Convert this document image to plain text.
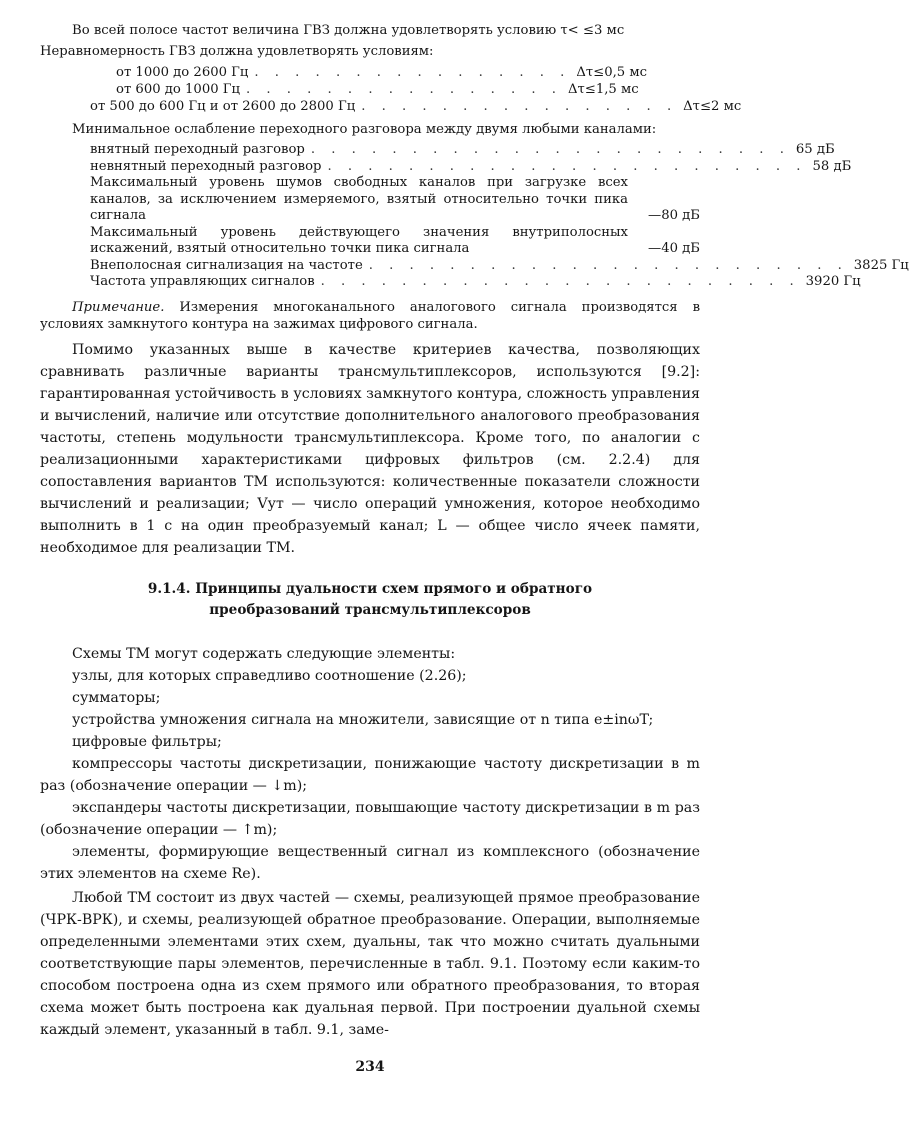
Во всей полосе частот величина ГВЗ должна удовлетворять условию τ< ≤3 мс

Неравномерность ГВЗ должна удовлетворять условиям:

от 1000 до 2600 Гц . . . . . . . . . . . . . . . . Δτ≤0,5 мс
от 600 до 1000 Гц . . . . . . . . . . . . . . . . Δτ≤1,5 мс
от 500 до 600 Гц и от 2600 до 2800 Гц . . . . . . . . . . . . . . . . Δτ≤2 мс

Минимальное ослабление переходного разговора между двумя любыми каналами:

внятный переходный разговор . . . . . . . . . . . . . . . . . . . . . . . . 65 дБ
невнятный переходный разговор . . . . . . . . . . . . . . . . . . . . . . . . 58 дБ
Максимальный уровень шумов свободных каналов при загрузке всех каналов, за исключением измеряемого, взятый относительно точки пика сигнала	—80 дБ
Максимальный уровень действующего значения внутриполосных искажений, взятый относительно точки пика сигнала	—40 дБ
Внеполосная сигнализация на частоте . . . . . . . . . . . . . . . . . . . . . . . . 3825 Гц
Частота управляющих сигналов . . . . . . . . . . . . . . . . . . . . . . . . 3920 Гц
Примечание. Измерения многоканального аналогового сигнала производятся в условиях замкнутого контура на зажимах цифрового сигнала.

Помимо указанных выше в качестве критериев качества, позволяющих сравнивать различные варианты трансмультиплексоров, используются [9.2]: гарантированная устойчивость в условиях замкнутого контура, сложность управления и вычислений, наличие или отсутствие дополнительного аналогового преобразования частоты, степень модульности трансмультиплексора. Кроме того, по аналогии с реализационными характеристиками цифровых фильтров (см. 2.2.4) для сопоставления вариантов ТМ используются: количественные показатели сложности вычислений и реализации; Vут — число операций умножения, которое необходимо выполнить в 1 с на один преобразуемый канал; L — общее число ячеек памяти, необходимое для реализации ТМ.

9.1.4. Принципы дуальности схем прямого и обратного
преобразований трансмультиплексоров

Схемы ТМ могут содержать следующие элементы:

узлы, для которых справедливо соотношение (2.26);

сумматоры;

устройства умножения сигнала на множители, зависящие от n типа e±inωT;

цифровые фильтры;

компрессоры частоты дискретизации, понижающие частоту дискретизации в m раз (обозначение операции — ↓m);

экспандеры частоты дискретизации, повышающие частоту дискретизации в m раз (обозначение операции — ↑m);

элементы, формирующие вещественный сигнал из комплексного (обозначение этих элементов на схеме Re).

Любой ТМ состоит из двух частей — схемы, реализующей прямое преобразование (ЧРК-ВРК), и схемы, реализующей обратное преобразование. Операции, выполняемые определенными элементами этих схем, дуальны, так что можно считать дуальными соответствующие пары элементов, перечисленные в табл. 9.1. Поэтому если каким-то способом построена одна из схем прямого или обратного преобразования, то вторая схема может быть построена как дуальная первой. При построении дуальной схемы каждый элемент, указанный в табл. 9.1, заме-

234
